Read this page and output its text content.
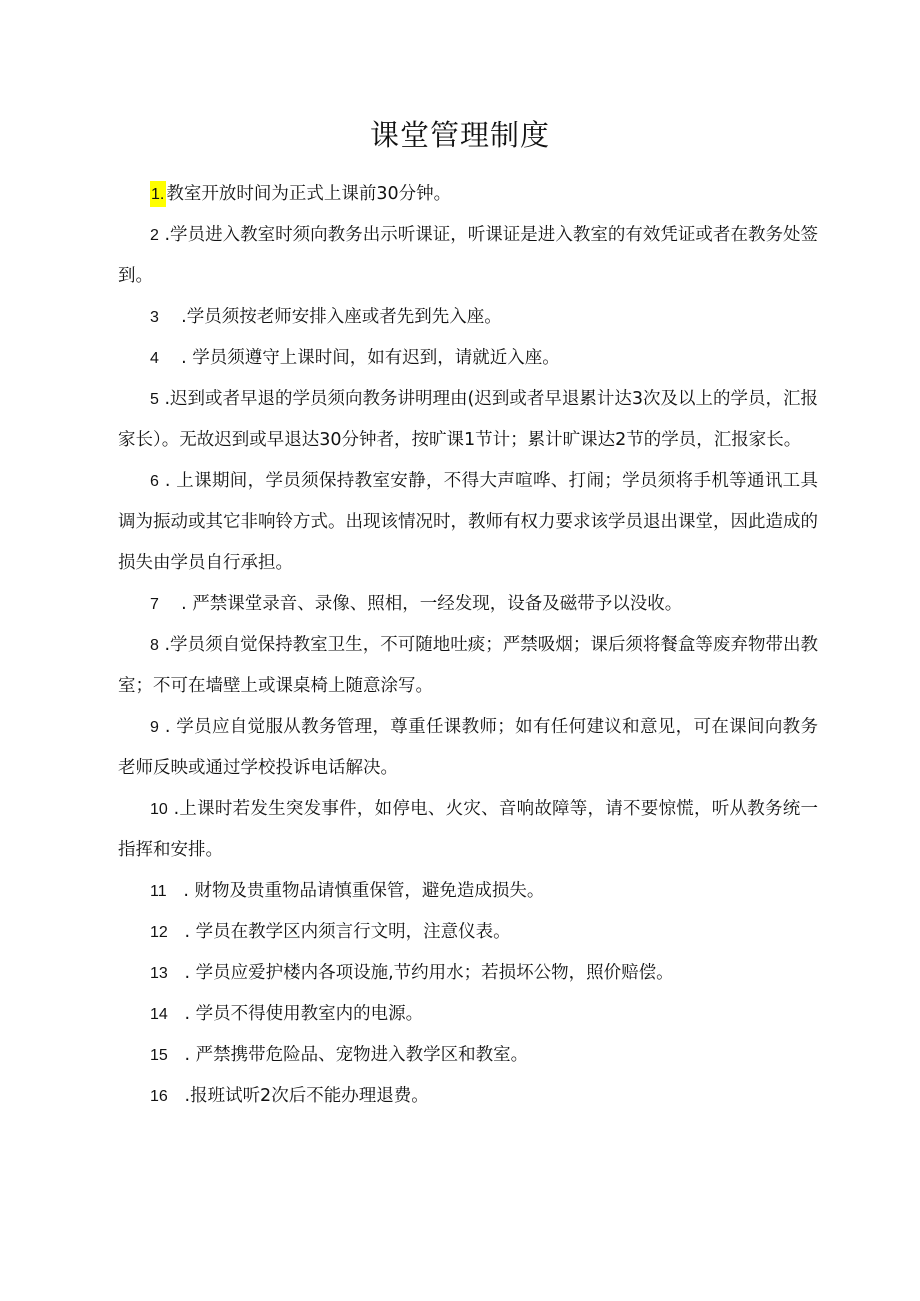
课堂管理制度
1. 教室开放时间为正式上课前30分钟。
2 .学员进入教室时须向教务出示听课证，听课证是进入教室的有效凭证或者在教务处签到。
3 .学员须按老师安排入座或者先到先入座。
4 . 学员须遵守上课时间，如有迟到，请就近入座。
5 .迟到或者早退的学员须向教务讲明理由(迟到或者早退累计达3次及以上的学员，汇报家长）。无故迟到或早退达30分钟者，按旷课1节计；累计旷课达2节的学员，汇报家长。
6 . 上课期间，学员须保持教室安静，不得大声喧哗、打闹；学员须将手机等通讯工具调为振动或其它非响铃方式。出现该情况时，教师有权力要求该学员退出课堂，因此造成的损失由学员自行承担。
7 . 严禁课堂录音、录像、照相，一经发现，设备及磁带予以没收。
8 .学员须自觉保持教室卫生，不可随地吐痰；严禁吸烟；课后须将餐盒等废弃物带出教室；不可在墙壁上或课桌椅上随意涂写。
9 . 学员应自觉服从教务管理，尊重任课教师；如有任何建议和意见，可在课间向教务老师反映或通过学校投诉电话解决。
10 .上课时若发生突发事件，如停电、火灾、音响故障等，请不要惊慌，听从教务统一指挥和安排。
11 . 财物及贵重物品请慎重保管，避免造成损失。
12 . 学员在教学区内须言行文明，注意仪表。
13 . 学员应爱护楼内各项设施,节约用水；若损坏公物，照价赔偿。
14 . 学员不得使用教室内的电源。
15 . 严禁携带危险品、宠物进入教学区和教室。
16 .报班试听2次后不能办理退费。
